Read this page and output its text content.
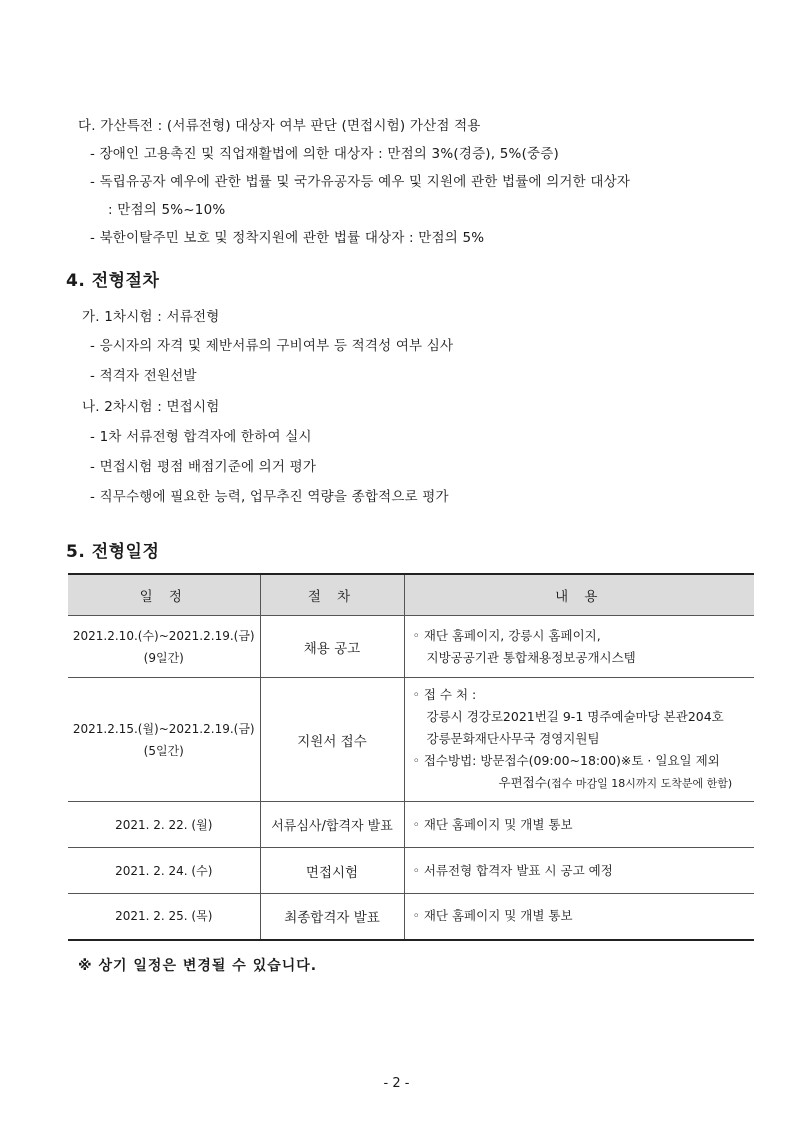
다. 가산특전 : (서류전형) 대상자 여부 판단 (면접시험) 가산점 적용
- 장애인 고용촉진 및 직업재활법에 의한 대상자 : 만점의 3%(경증), 5%(중증)
- 독립유공자 예우에 관한 법률 및 국가유공자등 예우 및 지원에 관한 법률에 의거한 대상자
: 만점의 5%~10%
- 북한이탈주민 보호 및 정착지원에 관한 법률 대상자 : 만점의 5%
4. 전형절차
가. 1차시험 : 서류전형
- 응시자의 자격 및 제반서류의 구비여부 등 적격성 여부 심사
- 적격자 전원선발
나. 2차시험 : 면접시험
- 1차 서류전형 합격자에 한하여 실시
- 면접시험 평점 배점기준에 의거 평가
- 직무수행에 필요한 능력, 업무추진 역량을 종합적으로 평가
5. 전형일정
일 정	절 차	내 용

2021.2.10.(수)~2021.2.19.(금)
(9일간)	채용 공고	◦ 재단 홈페이지, 강릉시 홈페이지,
지방공공기관 통합채용정보공개시스템

2021.2.15.(월)~2021.2.19.(금)
(5일간)	지원서 접수	◦ 접 수 처 :
강릉시 경강로2021번길 9-1 명주예술마당 본관204호
강릉문화재단사무국 경영지원팀
◦ 접수방법: 방문접수(09:00~18:00)※토 · 일요일 제외
우편접수(접수 마감일 18시까지 도착분에 한함)

2021. 2. 22. (월)	서류심사/합격자 발표	◦ 재단 홈페이지 및 개별 통보
2021. 2. 24. (수)	면접시험	◦ 서류전형 합격자 발표 시 공고 예정
2021. 2. 25. (목)	최종합격자 발표	◦ 재단 홈페이지 및 개별 통보
※ 상기 일정은 변경될 수 있습니다.
- 2 -
